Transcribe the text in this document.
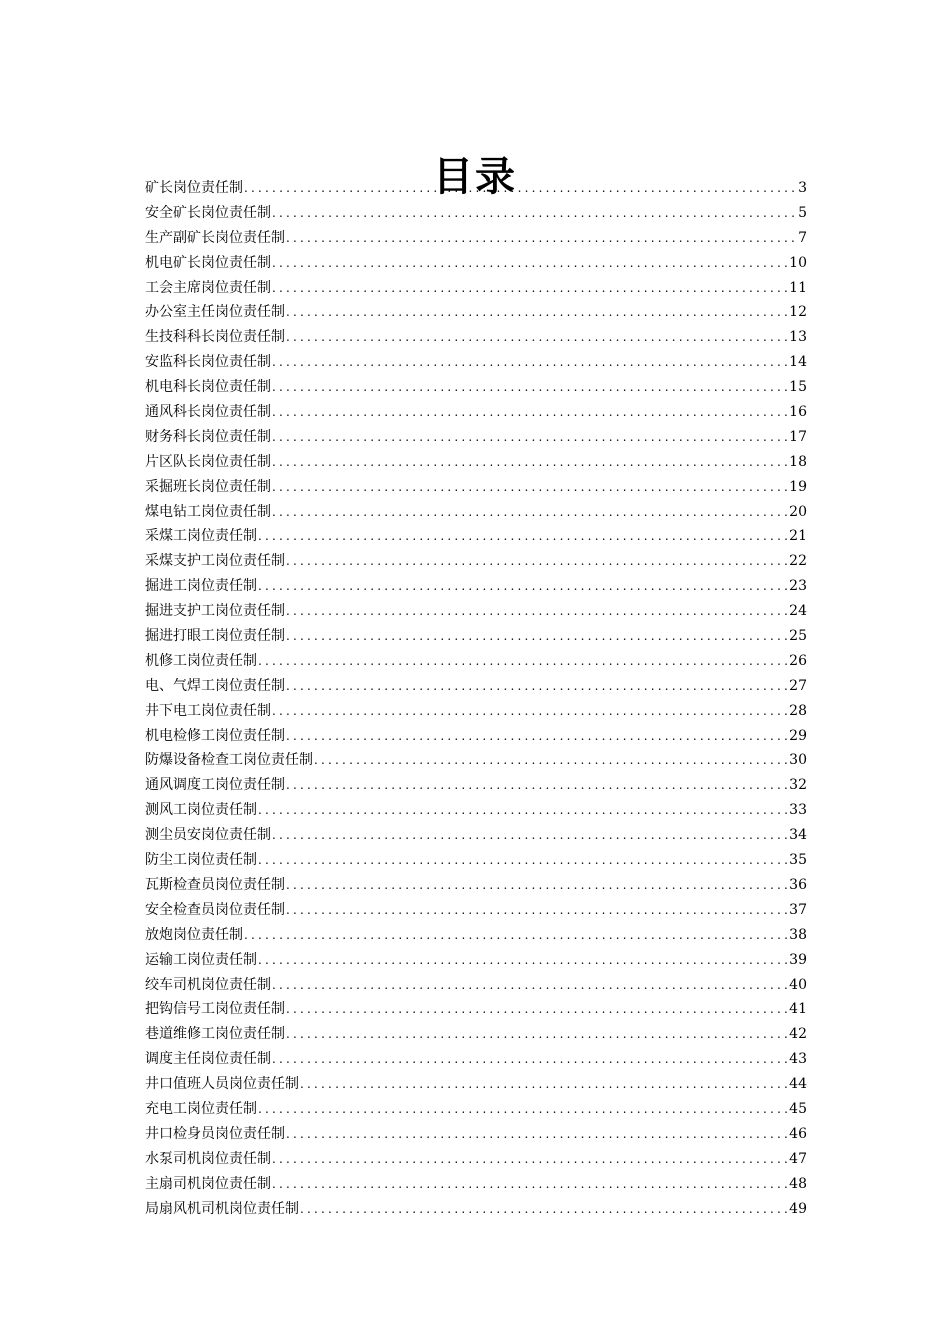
目录
矿长岗位责任制 .....	3
安全矿长岗位责任制 .....	5
生产副矿长岗位责任制 .....	7
机电矿长岗位责任制 .....	10
工会主席岗位责任制 .....	11
办公室主任岗位责任制 .....	12
生技科科长岗位责任制 .....	13
安监科长岗位责任制 .....	14
机电科长岗位责任制 .....	15
通风科长岗位责任制 .....	16
财务科长岗位责任制 .....	17
片区队长岗位责任制 .....	18
采掘班长岗位责任制 .....	19
煤电钻工岗位责任制 .....	20
采煤工岗位责任制 .....	21
采煤支护工岗位责任制 .....	22
掘进工岗位责任制 .....	23
掘进支护工岗位责任制 .....	24
掘进打眼工岗位责任制 .....	25
机修工岗位责任制 .....	26
电、气焊工岗位责任制 .....	27
井下电工岗位责任制 .....	28
机电检修工岗位责任制 .....	29
防爆设备检查工岗位责任制 .....	30
通风调度工岗位责任制 .....	32
测风工岗位责任制 .....	33
测尘员安岗位责任制 .....	34
防尘工岗位责任制 .....	35
瓦斯检查员岗位责任制 .....	36
安全检查员岗位责任制 .....	37
放炮岗位责任制 .....	38
运输工岗位责任制 .....	39
绞车司机岗位责任制 .....	40
把钩信号工岗位责任制 .....	41
巷道维修工岗位责任制 .....	42
调度主任岗位责任制 .....	43
井口值班人员岗位责任制 .....	44
充电工岗位责任制 .....	45
井口检身员岗位责任制 .....	46
水泵司机岗位责任制 .....	47
主扇司机岗位责任制 .....	48
局扇风机司机岗位责任制 .....	49
